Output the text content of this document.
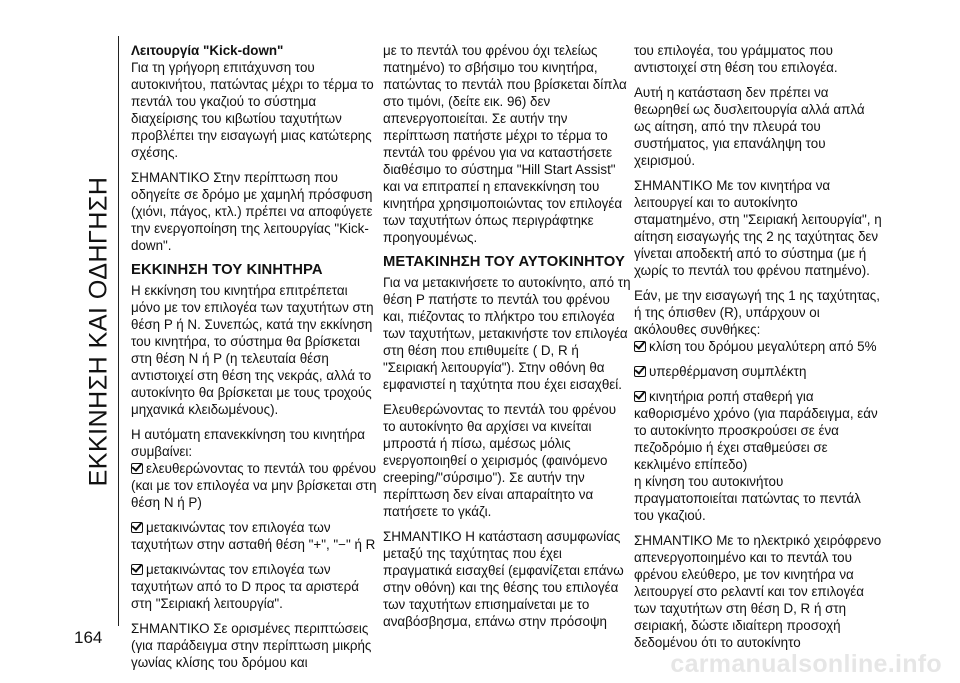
ΕΚΚΙΝΗΣΗ ΚΑΙ ΟΔΗΓΗΣΗ
Λειτουργία "Kick-down"

Για τη γρήγορη επιτάχυνση του αυτοκινήτου, πατώντας μέχρι το τέρμα το πεντάλ του γκαζιού το σύστημα διαχείρισης του κιβωτίου ταχυτήτων προβλέπει την εισαγωγή μιας κατώτερης σχέσης.

ΣΗΜΑΝΤΙΚΟ Στην περίπτωση που οδηγείτε σε δρόμο με χαμηλή πρόσφυση (χιόνι, πάγος, κτλ.) πρέπει να αποφύγετε την ενεργοποίηση της λειτουργίας "Kick-down".

ΕΚΚΙΝΗΣΗ ΤΟΥ ΚΙΝΗΤΗΡΑ

Η εκκίνηση του κινητήρα επιτρέπεται μόνο με τον επιλογέα των ταχυτήτων στη θέση P ή N. Συνεπώς, κατά την εκκίνηση του κινητήρα, το σύστημα θα βρίσκεται στη θέση N ή P (η τελευταία θέση αντιστοιχεί στη θέση της νεκράς, αλλά το αυτοκίνητο θα βρίσκεται με τους τροχούς μηχανικά κλειδωμένους).

Η αυτόματη επανεκκίνηση του κινητήρα συμβαίνει:

ελευθερώνοντας το πεντάλ του φρένου (και με τον επιλογέα να μην βρίσκεται στη θέση N ή P)

μετακινώντας τον επιλογέα των ταχυτήτων στην ασταθή θέση "+", "−" ή R

μετακινώντας τον επιλογέα των ταχυτήτων από το D προς τα αριστερά στη "Σειριακή λειτουργία".

ΣΗΜΑΝΤΙΚΟ Σε ορισμένες περιπτώσεις (για παράδειγμα στην περίπτωση μικρής γωνίας κλίσης του δρόμου και

με το πεντάλ του φρένου όχι τελείως πατημένο) το σβήσιμο του κινητήρα, πατώντας το πεντάλ που βρίσκεται δίπλα στο τιμόνι, (δείτε εικ. 96) δεν απενεργοποιείται. Σε αυτήν την περίπτωση πατήστε μέχρι το τέρμα το πεντάλ του φρένου για να καταστήσετε διαθέσιμο το σύστημα "Hill Start Assist" και να επιτραπεί η επανεκκίνηση του κινητήρα χρησιμοποιώντας τον επιλογέα των ταχυτήτων όπως περιγράφτηκε προηγουμένως.

ΜΕΤΑΚΙΝΗΣΗ ΤΟΥ ΑΥΤΟΚΙΝΗΤΟΥ

Για να μετακινήσετε το αυτοκίνητο, από τη θέση P πατήστε το πεντάλ του φρένου και, πιέζοντας το πλήκτρο του επιλογέα των ταχυτήτων, μετακινήστε τον επιλογέα στη θέση που επιθυμείτε ( D, R ή "Σειριακή λειτουργία"). Στην οθόνη θα εμφανιστεί η ταχύτητα που έχει εισαχθεί.

Ελευθερώνοντας το πεντάλ του φρένου το αυτοκίνητο θα αρχίσει να κινείται μπροστά ή πίσω, αμέσως μόλις ενεργοποιηθεί ο χειρισμός (φαινόμενο creeping/"σύρσιμο"). Σε αυτήν την περίπτωση δεν είναι απαραίτητο να πατήσετε το γκάζι.

ΣΗΜΑΝΤΙΚΟ Η κατάσταση ασυμφωνίας μεταξύ της ταχύτητας που έχει πραγματικά εισαχθεί (εμφανίζεται επάνω στην οθόνη) και της θέσης του επιλογέα των ταχυτήτων επισημαίνεται με το αναβόσβησμα, επάνω στην πρόσοψη

του επιλογέα, του γράμματος που αντιστοιχεί στη θέση του επιλογέα.

Αυτή η κατάσταση δεν πρέπει να θεωρηθεί ως δυσλειτουργία αλλά απλά ως αίτηση, από την πλευρά του συστήματος, για επανάληψη του χειρισμού.

ΣΗΜΑΝΤΙΚΟ Με τον κινητήρα να λειτουργεί και το αυτοκίνητο σταματημένο, στη "Σειριακή λειτουργία", η αίτηση εισαγωγής της 2 ης ταχύτητας δεν γίνεται αποδεκτή από το σύστημα (με ή χωρίς το πεντάλ του φρένου πατημένο).

Εάν, με την εισαγωγή της 1 ης ταχύτητας, ή της όπισθεν (R), υπάρχουν οι ακόλουθες συνθήκες:

κλίση του δρόμου μεγαλύτερη από 5%

υπερθέρμανση συμπλέκτη

κινητήρια ροπή σταθερή για καθορισμένο χρόνο (για παράδειγμα, εάν το αυτοκίνητο προσκρούσει σε ένα πεζοδρόμιο ή έχει σταθμεύσει σε κεκλιμένο επίπεδο)

η κίνηση του αυτοκινήτου πραγματοποιείται πατώντας το πεντάλ του γκαζιού.

ΣΗΜΑΝΤΙΚΟ Με το ηλεκτρικό χειρόφρενο απενεργοποιημένο και το πεντάλ του φρένου ελεύθερο, με τον κινητήρα να λειτουργεί στο ρελαντί και τον επιλογέα των ταχυτήτων στη θέση D, R ή στη σειριακή, δώστε ιδιαίτερη προσοχή δεδομένου ότι το αυτοκίνητο

164
carmanualsonline.info
